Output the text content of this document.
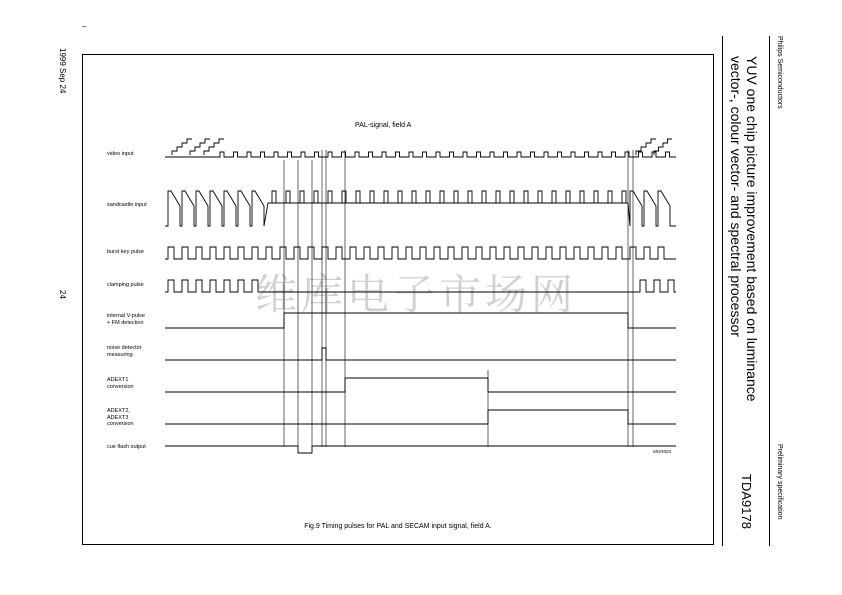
Philips Semiconductors
YUV one chip picture improvement based on luminance
vector-, colour vector- and spectral processor
Preliminary specification
TDA9178
–
1999 Sep 24
24	维库电子市场网
PAL-signal, field A
MGR003
video input
sandcastle input
burst key pulse
clamping pulse
internal V-pulse
+ FM detection
noise detector
measuring
ADEXT1
conversion
ADEXT2,
ADEXT3
conversion
cue flash output
Fig.9 Timing pulses for PAL and SECAM input signal, field A.
